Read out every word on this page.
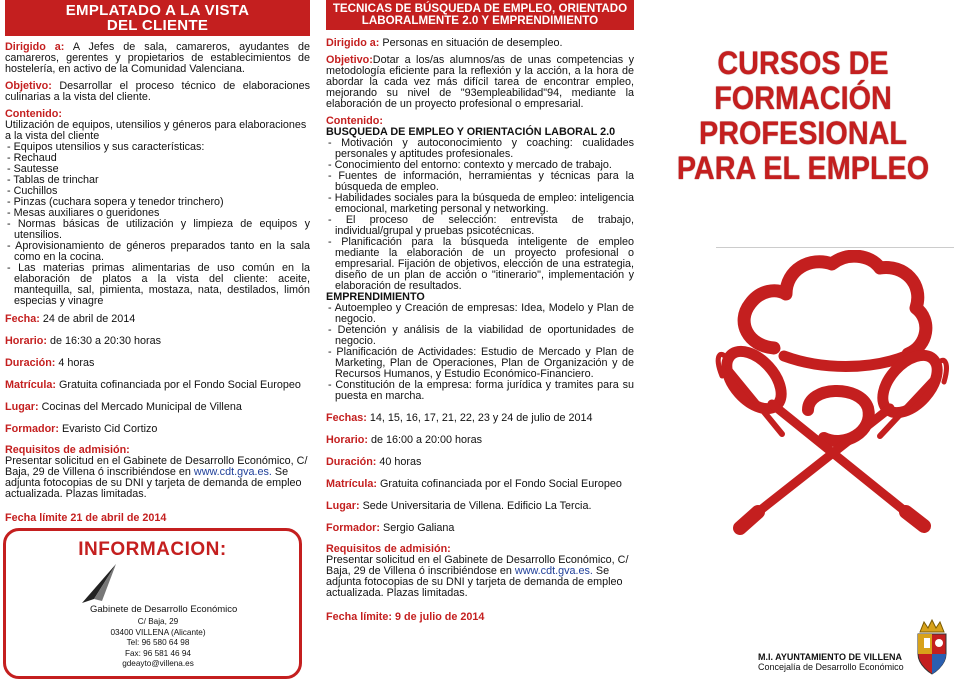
EMPLATADO A LA VISTA
DEL CLIENTE

Dirigido a: A Jefes de sala, camareros, ayudantes de camareros, gerentes y propietarios de establecimientos de hostelería, en activo de la Comunidad Valenciana.

Objetivo: Desarrollar el proceso técnico de elaboraciones culinarias a la vista del cliente.

Contenido:
Utilización de equipos, utensilios y géneros para elaboraciones a la vista del cliente
- Equipos utensilios y sus características:
- Rechaud
- Sautesse
- Tablas de trinchar
- Cuchillos
- Pinzas (cuchara sopera y tenedor trinchero)
- Mesas auxiliares o gueridones
- Normas básicas de utilización y limpieza de equipos y utensilios.
- Aprovisionamiento de géneros preparados tanto en la sala como en la cocina.
- Las materias primas alimentarias de uso común en la elaboración de platos a la vista del cliente: aceite, mantequilla, sal, pimienta, mostaza, nata, destilados, limón especias y vinagre
Fecha: 24 de abril de 2014
Horario: de 16:30 a 20:30 horas
Duración: 4 horas
Matrícula: Gratuita cofinanciada por el Fondo Social Europeo
Lugar: Cocinas del Mercado Municipal de Villena
Formador: Evaristo Cid Cortizo
Requisitos de admisión:
Presentar solicitud en el Gabinete de Desarrollo Económico, C/ Baja, 29 de Villena ó inscribiéndose en www.cdt.gva.es. Se adjunta fotocopias de su DNI y tarjeta de demanda de empleo actualizada. Plazas limitadas.
Fecha límite 21 de abril de 2014
INFORMACION:
Gabinete de Desarrollo Económico
C/ Baja, 29
03400 VILLENA (Alicante)
Tel: 96 580 64 98
Fax: 96 581 46 94
gdeayto@villena.es
TECNICAS DE BÚSQUEDA DE EMPLEO, ORIENTADO
LABORALMENTE 2.0 Y EMPRENDIMIENTO

Dirigido a: Personas en situación de desempleo.

Objetivo:Dotar a los/as alumnos/as de unas competencias y metodología eficiente para la reflexión y la acción, a la hora de abordar la cada vez más difícil tarea de encontrar empleo, mejorando su nivel de "93empleabilidad"94, mediante la elaboración de un proyecto profesional o empresarial.

Contenido:
BUSQUEDA DE EMPLEO Y ORIENTACIÓN LABORAL 2.0
- Motivación y autoconocimiento y coaching: cualidades personales y aptitudes profesionales.
- Conocimiento del entorno: contexto y mercado de trabajo.
- Fuentes de información, herramientas y técnicas para la búsqueda de empleo.
- Habilidades sociales para la búsqueda de empleo: inteligencia emocional, marketing personal y networking.
- El proceso de selección: entrevista de trabajo, individual/grupal y pruebas psicotécnicas.
- Planificación para la búsqueda inteligente de empleo mediante la elaboración de un proyecto profesional o empresarial. Fijación de objetivos, elección de una estrategia, diseño de un plan de acción o "itinerario", implementación y elaboración de resultados.
EMPRENDIMIENTO
- Autoempleo y Creación de empresas: Idea, Modelo y Plan de negocio.
- Detención y análisis de la viabilidad de oportunidades de negocio.
- Planificación de Actividades: Estudio de Mercado y Plan de Marketing, Plan de Operaciones, Plan de Organización y de Recursos Humanos, y Estudio Económico-Financiero.
- Constitución de la empresa: forma jurídica y tramites para su puesta en marcha.
Fechas: 14, 15, 16, 17, 21, 22, 23 y 24 de julio de 2014
Horario: de 16:00 a 20:00 horas
Duración: 40 horas
Matrícula: Gratuita cofinanciada por el Fondo Social Europeo
Lugar: Sede Universitaria de Villena. Edificio La Tercia.
Formador: Sergio Galiana
Requisitos de admisión:
Presentar solicitud en el Gabinete de Desarrollo Económico, C/ Baja, 29 de Villena ó inscribiéndose en www.cdt.gva.es. Se adjunta fotocopias de su DNI y tarjeta de demanda de empleo actualizada. Plazas limitadas.
Fecha límite: 9 de julio de 2014
CURSOS DE
FORMACIÓN
PROFESIONAL
PARA EL EMPLEO
M.I. AYUNTAMIENTO DE VILLENA
Concejalía de Desarrollo Económico
